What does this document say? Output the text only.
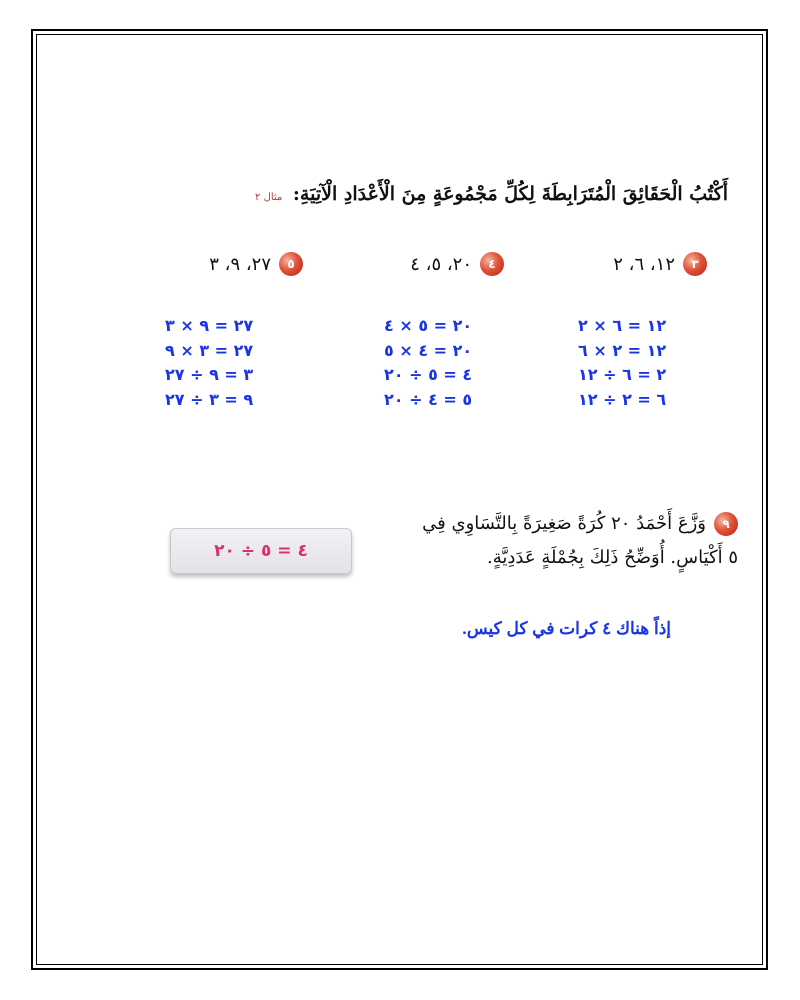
أَكْتُبُ الْحَقَائِقَ الْمُتَرَابِطَةَ لِكُلِّ مَجْمُوعَةٍ مِنَ الْأَعْدَادِ الْآتِيَةِ: مثال ٢
٣
١٢، ٦، ٢
١٢ = ٦ × ٢
١٢ = ٢ × ٦
٢ = ٦ ÷ ١٢
٦ = ٢ ÷ ١٢
٤
٢٠، ٥، ٤
٢٠ = ٥ × ٤
٢٠ = ٤ × ٥
٤ = ٥ ÷ ٢٠
٥ = ٤ ÷ ٢٠
٥
٢٧، ٩، ٣
٢٧ = ٩ × ٣
٢٧ = ٣ × ٩
٣ = ٩ ÷ ٢٧
٩ = ٣ ÷ ٢٧
٩وَزَّعَ أَحْمَدُ ٢٠ كُرَةً صَغِيرَةً بِالتَّسَاوِي فِي
٥ أَكْيَاسٍ. أُوَضِّحُ ذَلِكَ بِجُمْلَةٍ عَدَدِيَّةٍ.
٤ = ٥ ÷ ٢٠
إذاً هناك ٤ كرات في كل كيس.
